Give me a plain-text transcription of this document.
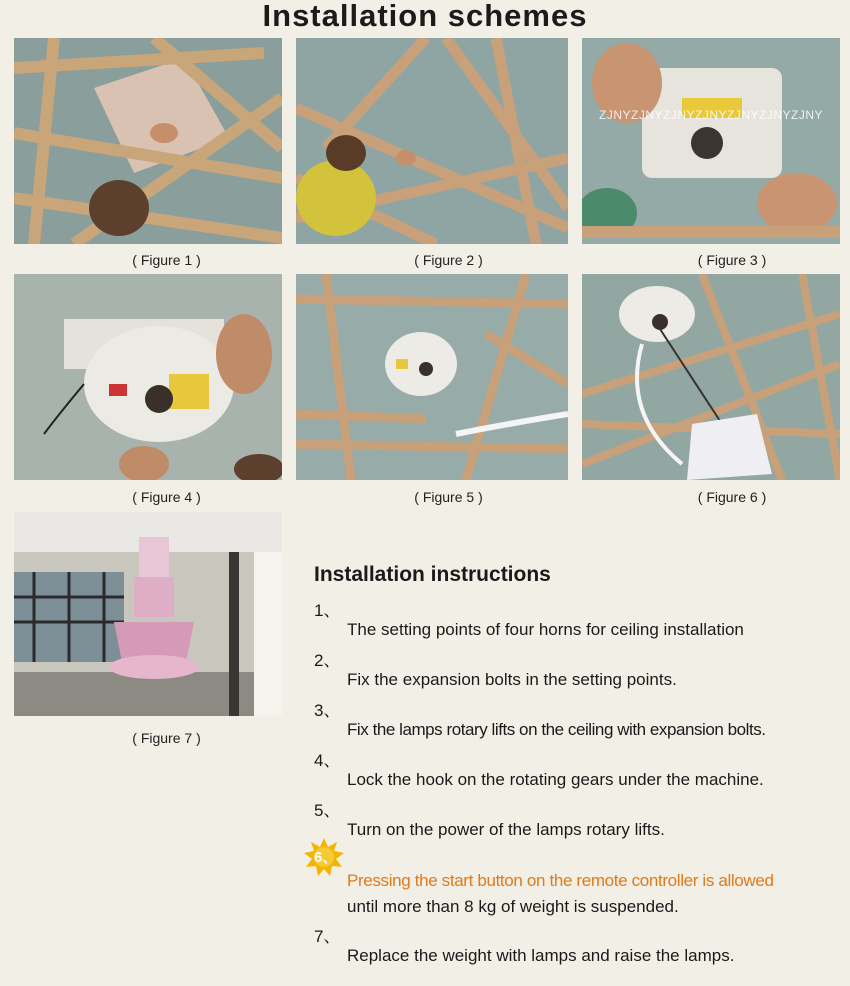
Installation schemes
ZJNYZJNYZJNYZJNYZJNYZJNYZJNY
( Figure 1 )	( Figure 2 )	( Figure 3 )
( Figure 4 )	( Figure 5 )	( Figure 6 )
( Figure 7 )
Installation instructions
1、
The setting points of four horns for ceiling installation
2、
Fix the expansion bolts in the setting points.
3、
Fix the lamps rotary lifts on the ceiling with expansion bolts.
4、
Lock the hook on the rotating gears under the machine.
5、
Turn on the power of the lamps rotary lifts.
6、
Pressing the start button on the remote controller is allowed
until more than 8 kg of weight is suspended.
7、
Replace the weight with lamps and raise the lamps.
